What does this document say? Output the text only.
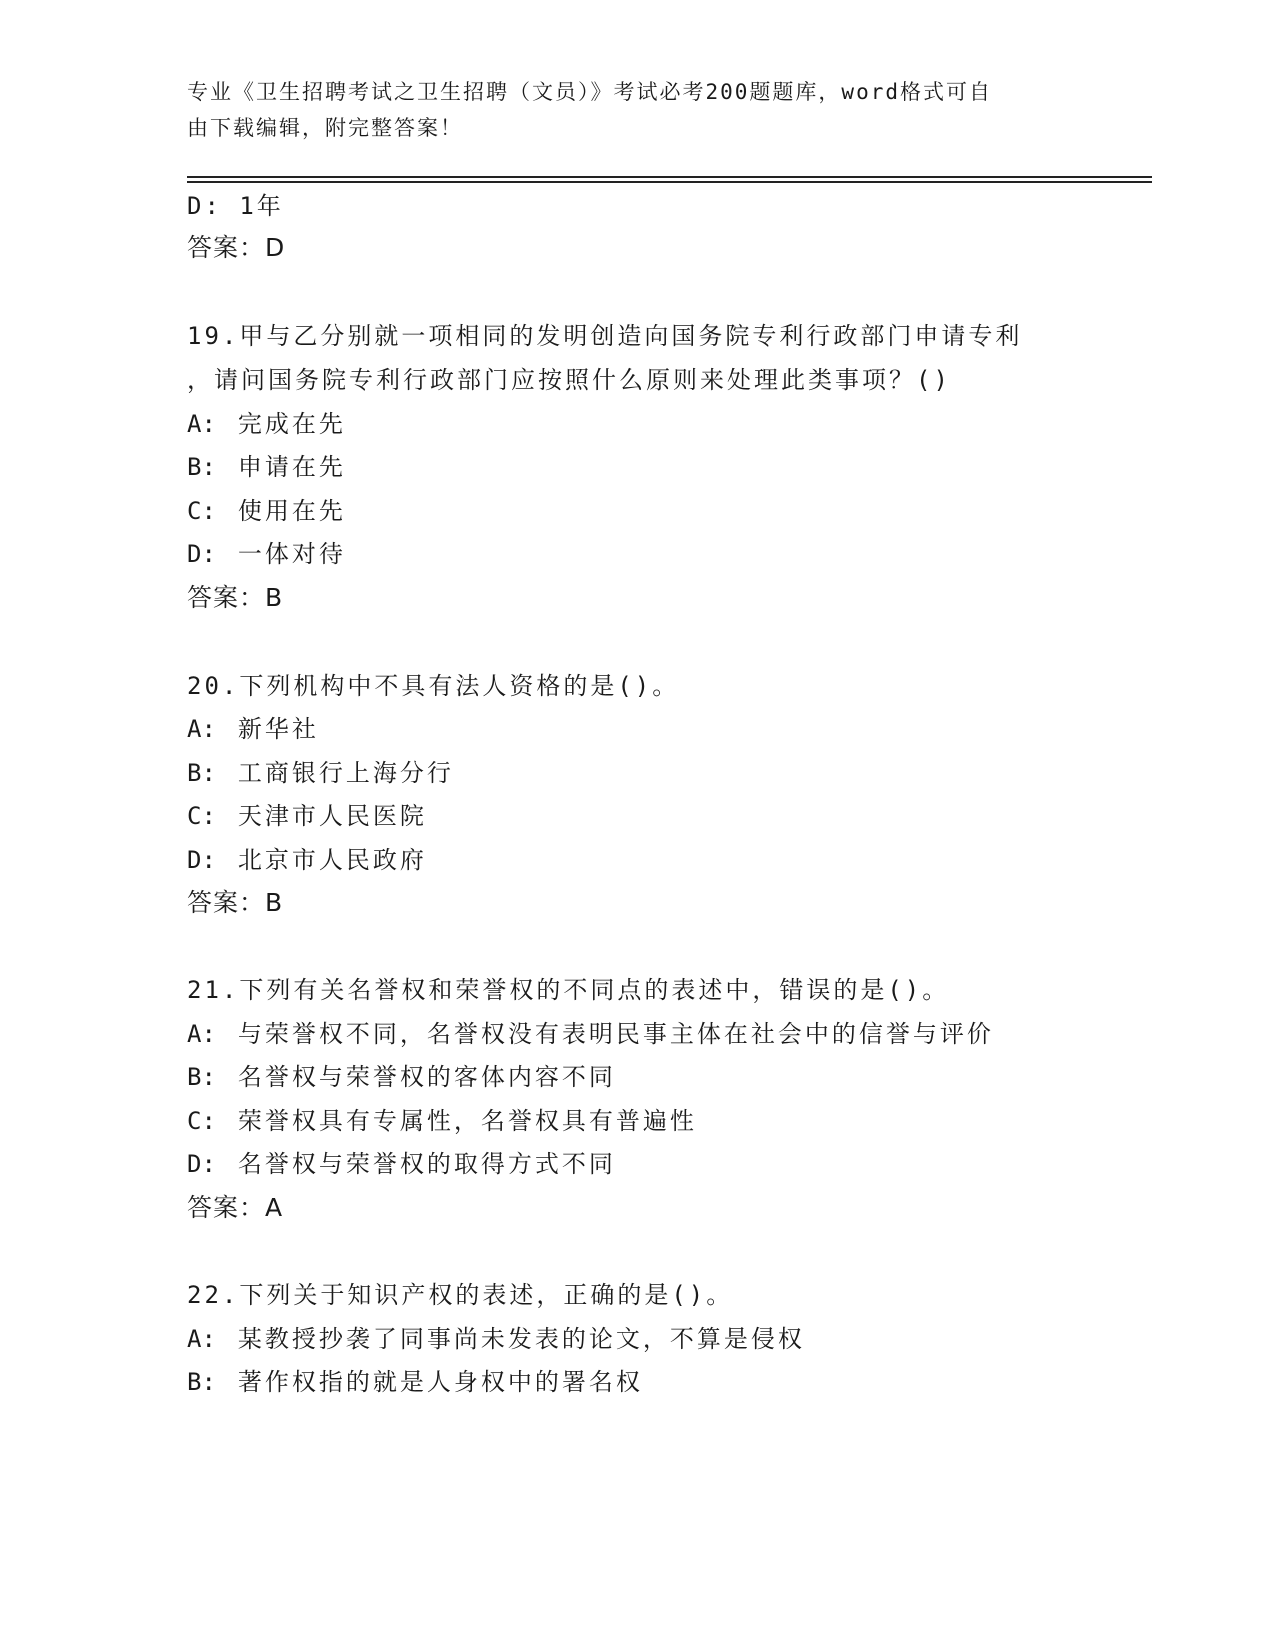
专业《卫生招聘考试之卫生招聘（文员）》考试必考200题题库，word格式可自
由下载编辑，附完整答案！
D: 1年
答案：D
19.甲与乙分别就一项相同的发明创造向国务院专利行政部门申请专利
，请问国务院专利行政部门应按照什么原则来处理此类事项？()
A: 完成在先
B: 申请在先
C: 使用在先
D: 一体对待
答案：B
20.下列机构中不具有法人资格的是()。
A: 新华社
B: 工商银行上海分行
C: 天津市人民医院
D: 北京市人民政府
答案：B
21.下列有关名誉权和荣誉权的不同点的表述中，错误的是()。
A: 与荣誉权不同，名誉权没有表明民事主体在社会中的信誉与评价
B: 名誉权与荣誉权的客体内容不同
C: 荣誉权具有专属性，名誉权具有普遍性
D: 名誉权与荣誉权的取得方式不同
答案：A
22.下列关于知识产权的表述，正确的是()。
A: 某教授抄袭了同事尚未发表的论文，不算是侵权
B: 著作权指的就是人身权中的署名权
